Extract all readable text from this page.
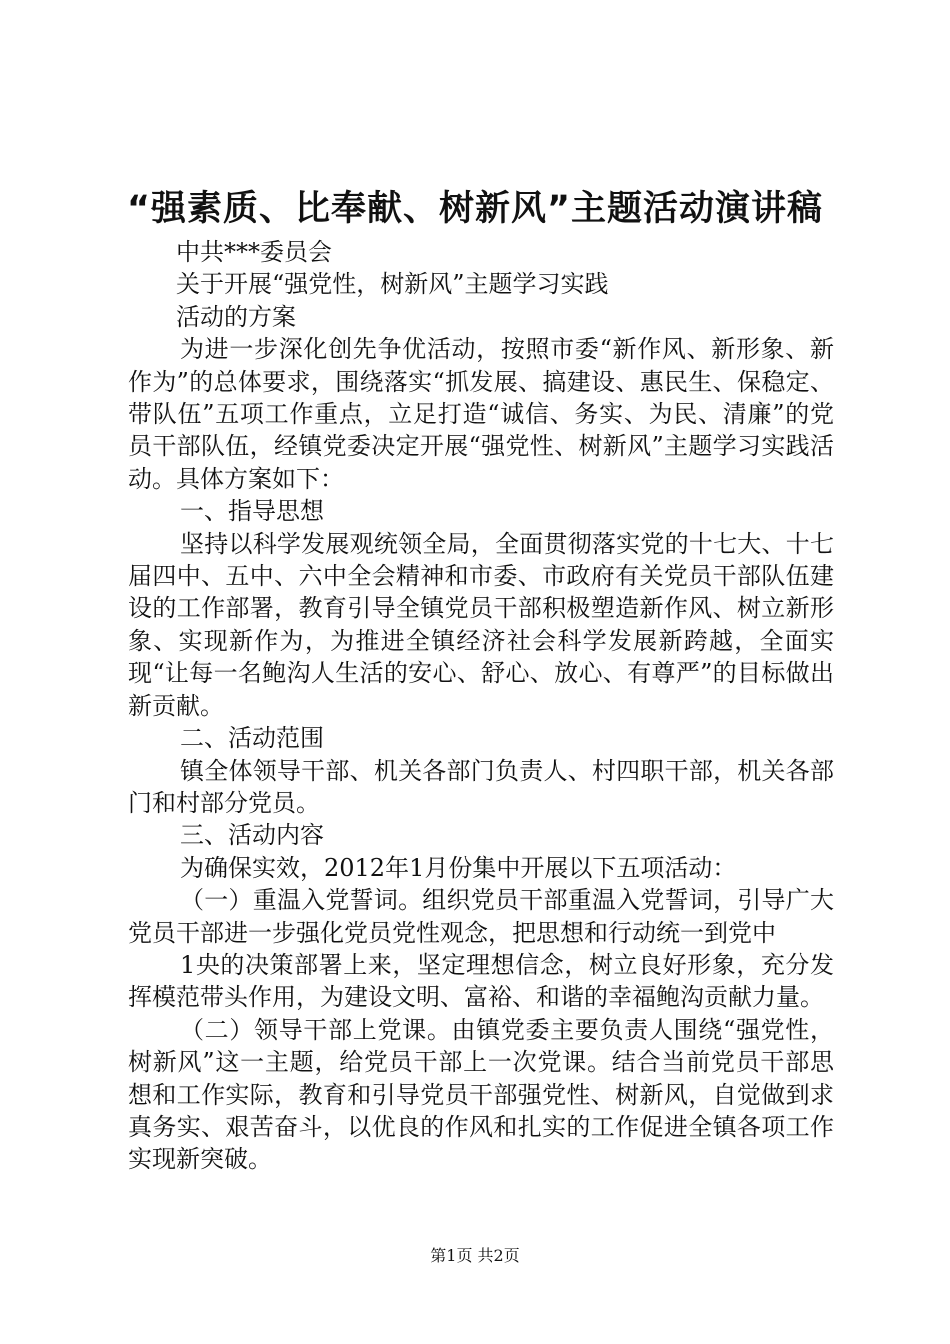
“强素质、比奉献、树新风”主题活动演讲稿

中共***委员会

关于开展“强党性，树新风”主题学习实践

活动的方案

为进一步深化创先争优活动，按照市委“新作风、新形象、新作为”的总体要求，围绕落实“抓发展、搞建设、惠民生、保稳定、带队伍”五项工作重点，立足打造“诚信、务实、为民、清廉”的党员干部队伍，经镇党委决定开展“强党性、树新风”主题学习实践活动。具体方案如下：

一、指导思想

坚持以科学发展观统领全局，全面贯彻落实党的十七大、十七届四中、五中、六中全会精神和市委、市政府有关党员干部队伍建设的工作部署，教育引导全镇党员干部积极塑造新作风、树立新形象、实现新作为，为推进全镇经济社会科学发展新跨越，全面实现“让每一名鲍沟人生活的安心、舒心、放心、有尊严”的目标做出新贡献。

二、活动范围

镇全体领导干部、机关各部门负责人、村四职干部，机关各部门和村部分党员。

三、活动内容

为确保实效，2012年1月份集中开展以下五项活动：

（一）重温入党誓词。组织党员干部重温入党誓词，引导广大党员干部进一步强化党员党性观念，把思想和行动统一到党中

1央的决策部署上来，坚定理想信念，树立良好形象，充分发挥模范带头作用，为建设文明、富裕、和谐的幸福鲍沟贡献力量。

（二）领导干部上党课。由镇党委主要负责人围绕“强党性，树新风”这一主题，给党员干部上一次党课。结合当前党员干部思想和工作实际，教育和引导党员干部强党性、树新风，自觉做到求真务实、艰苦奋斗，以优良的作风和扎实的工作促进全镇各项工作实现新突破。

第1页 共2页
